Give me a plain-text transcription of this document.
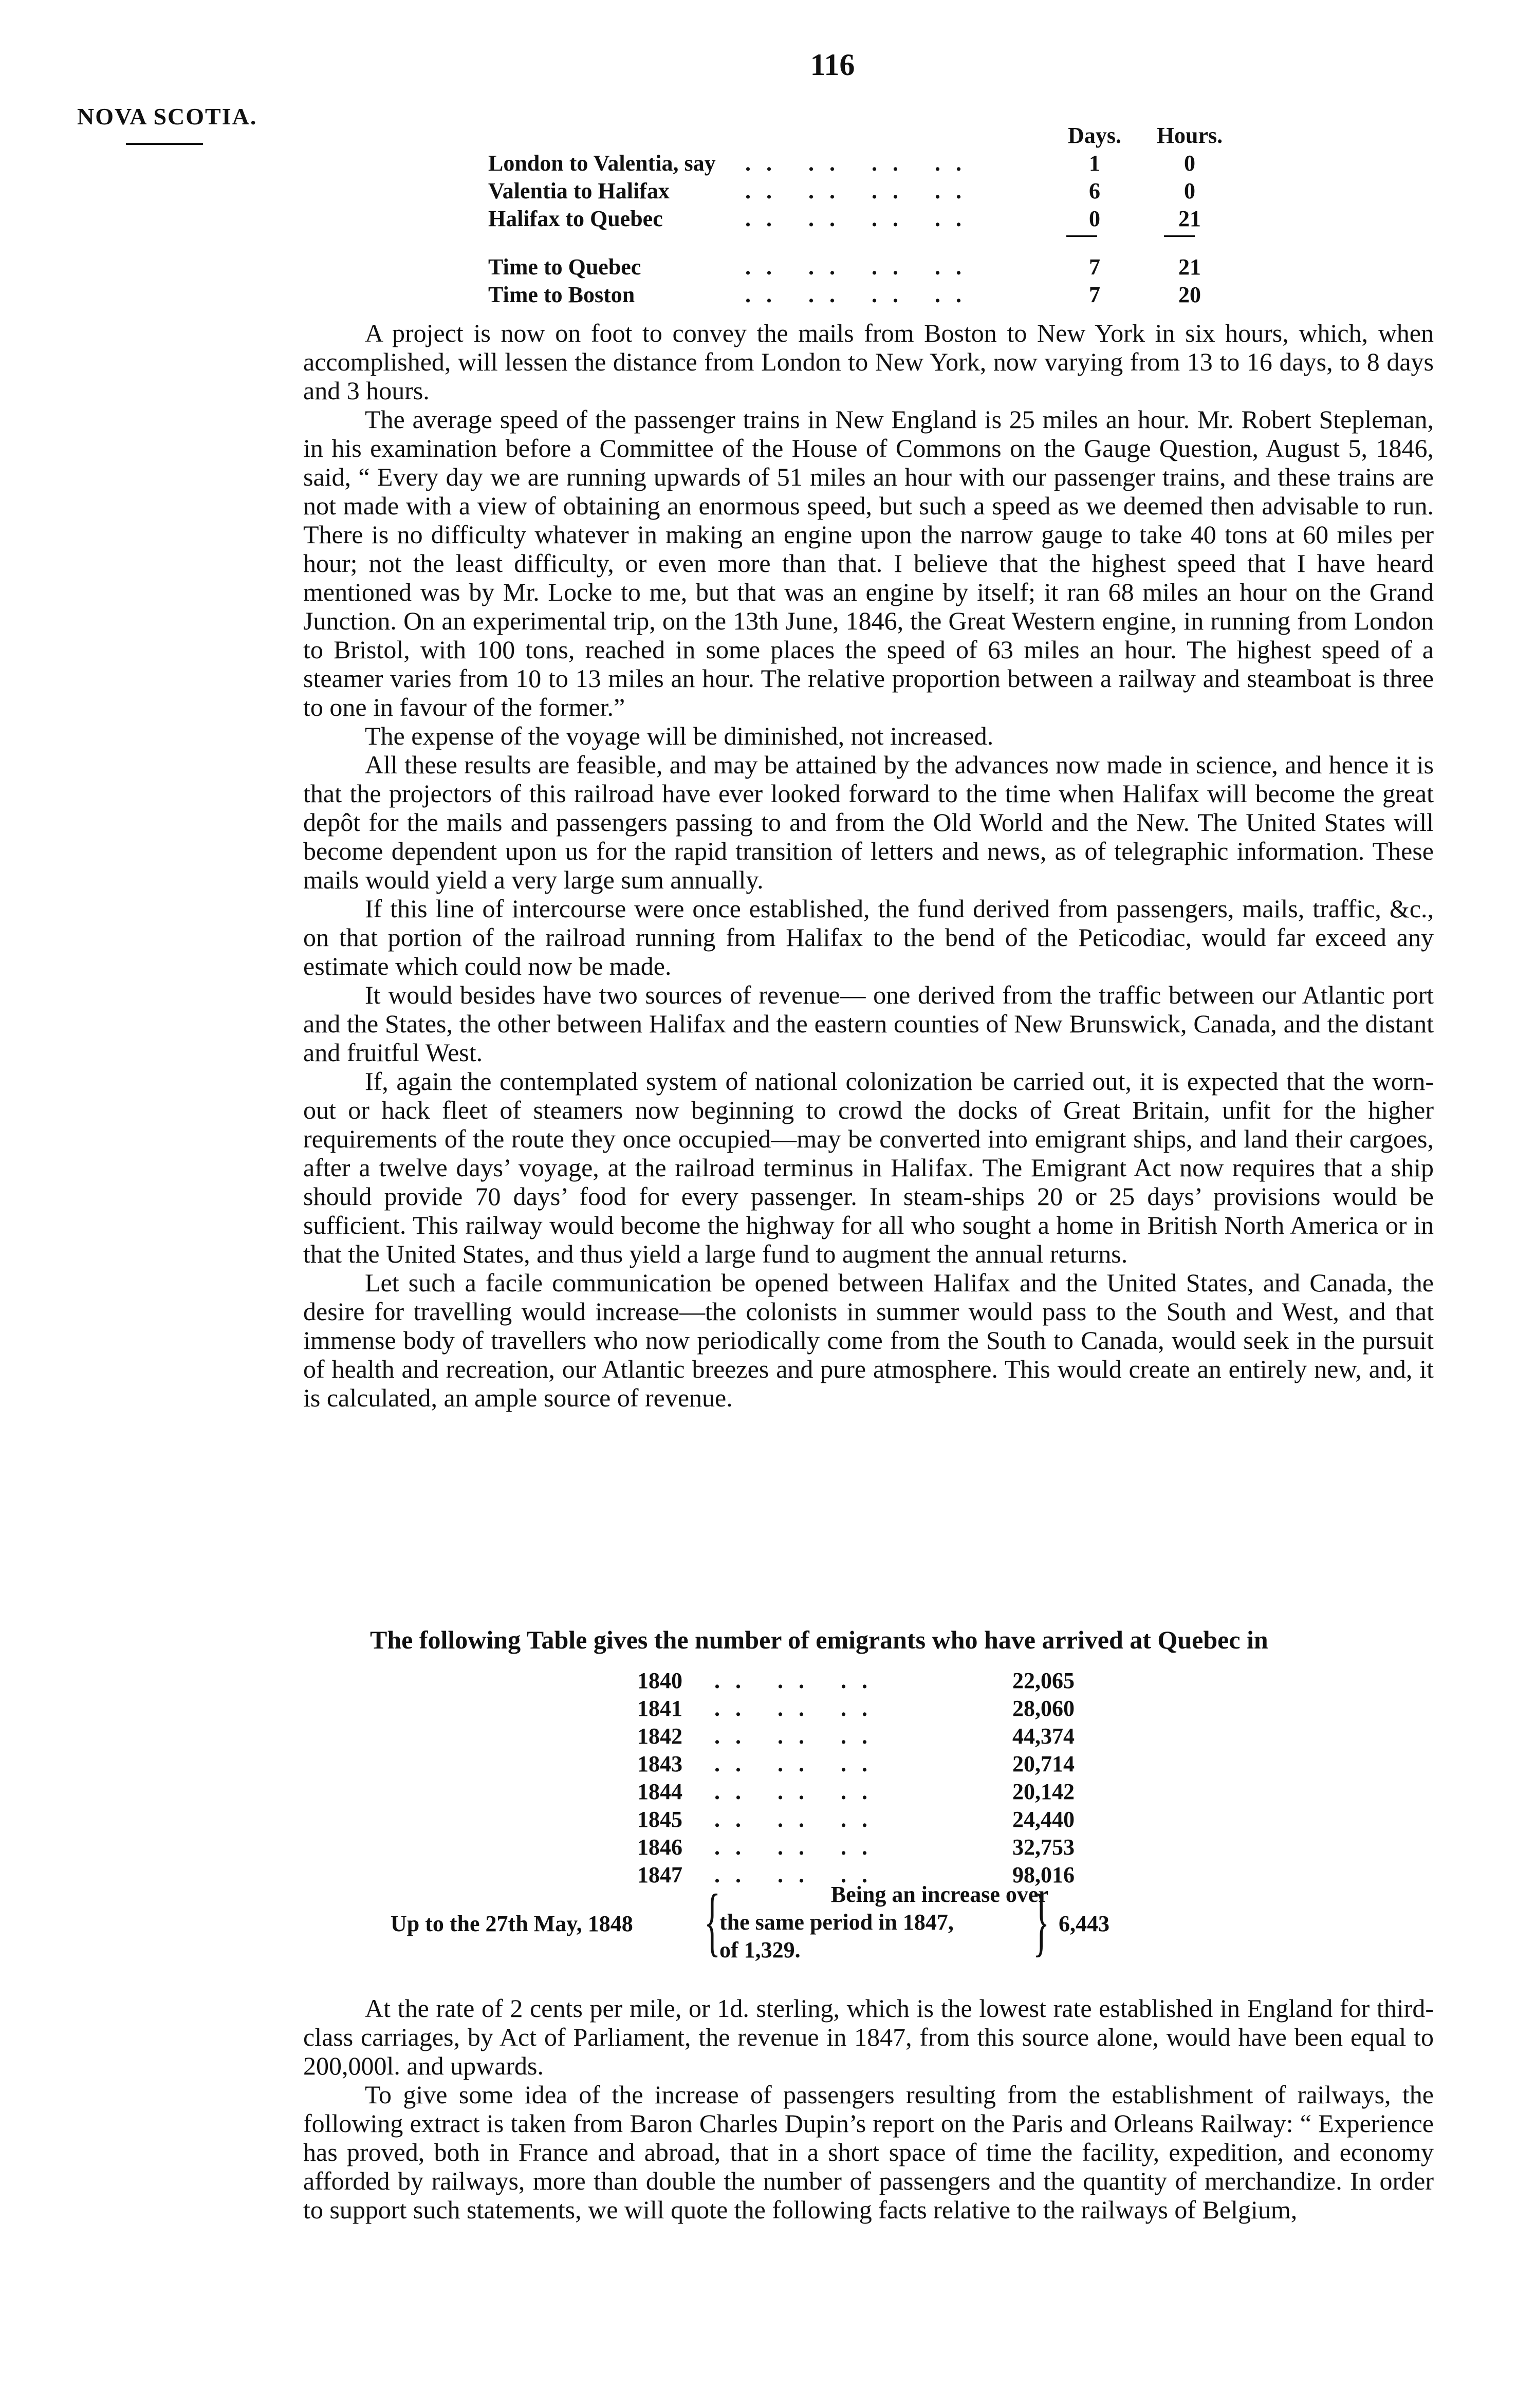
116
NOVA SCOTIA.
Days.	Hours.
London to Valentia, say	.. .. .. ..	1	0
Valentia to Halifax	.. .. .. ..	6	0
Halifax to Quebec	.. .. .. ..	0	21
Time to Quebec	.. .. .. ..	7	21
Time to Boston	.. .. .. ..	7	20

A project is now on foot to convey the mails from Boston to New York in six hours, which, when accomplished, will lessen the distance from London to New York, now varying from 13 to 16 days, to 8 days and 3 hours.

The average speed of the passenger trains in New England is 25 miles an hour. Mr. Robert Stepleman, in his examination before a Committee of the House of Commons on the Gauge Question, August 5, 1846, said, “ Every day we are running upwards of 51 miles an hour with our passenger trains, and these trains are not made with a view of obtaining an enormous speed, but such a speed as we deemed then advisable to run. There is no difficulty whatever in making an engine upon the narrow gauge to take 40 tons at 60 miles per hour; not the least difficulty, or even more than that. I believe that the highest speed that I have heard mentioned was by Mr. Locke to me, but that was an engine by itself; it ran 68 miles an hour on the Grand Junction. On an experimental trip, on the 13th June, 1846, the Great Western engine, in running from London to Bristol, with 100 tons, reached in some places the speed of 63 miles an hour. The highest speed of a steamer varies from 10 to 13 miles an hour. The relative proportion between a railway and steamboat is three to one in favour of the former.”

The expense of the voyage will be diminished, not increased.

All these results are feasible, and may be attained by the advances now made in science, and hence it is that the projectors of this railroad have ever looked forward to the time when Halifax will become the great depôt for the mails and passengers passing to and from the Old World and the New. The United States will become dependent upon us for the rapid transition of letters and news, as of telegraphic information. These mails would yield a very large sum annually.

If this line of intercourse were once established, the fund derived from passengers, mails, traffic, &c., on that portion of the railroad running from Halifax to the bend of the Peticodiac, would far exceed any estimate which could now be made.

It would besides have two sources of revenue— one derived from the traffic between our Atlantic port and the States, the other between Halifax and the eastern counties of New Brunswick, Canada, and the distant and fruitful West.

If, again the contemplated system of national colonization be carried out, it is expected that the worn-out or hack fleet of steamers now beginning to crowd the docks of Great Britain, unfit for the higher requirements of the route they once occupied—may be converted into emigrant ships, and land their cargoes, after a twelve days’ voyage, at the railroad terminus in Halifax. The Emigrant Act now requires that a ship should provide 70 days’ food for every passenger. In steam-ships 20 or 25 days’ provisions would be sufficient. This railway would become the highway for all who sought a home in British North America or in that the United States, and thus yield a large fund to augment the annual returns.

Let such a facile communication be opened between Halifax and the United States, and Canada, the desire for travelling would increase—the colonists in summer would pass to the South and West, and that immense body of travellers who now periodically come from the South to Canada, would seek in the pursuit of health and recreation, our Atlantic breezes and pure atmosphere. This would create an entirely new, and, it is calculated, an ample source of revenue.

The following Table gives the number of emigrants who have arrived at Quebec in
1840	.. .. ..	22,065
1841	.. .. ..	28,060
1842	.. .. ..	44,374
1843	.. .. ..	20,714
1844	.. .. ..	20,142
1845	.. .. ..	24,440
1846	.. .. ..	32,753
1847	.. .. ..	98,016
Up to the 27th May, 1848 {	Being an increase over
the same period in 1847,
of 1,329.	} 6,443

At the rate of 2 cents per mile, or 1d. sterling, which is the lowest rate established in England for third-class carriages, by Act of Parliament, the revenue in 1847, from this source alone, would have been equal to 200,000l. and upwards.

To give some idea of the increase of passengers resulting from the establishment of railways, the following extract is taken from Baron Charles Dupin’s report on the Paris and Orleans Railway: “ Experience has proved, both in France and abroad, that in a short space of time the facility, expedition, and economy afforded by railways, more than double the number of passengers and the quantity of merchandize. In order to support such statements, we will quote the following facts relative to the railways of Belgium,
